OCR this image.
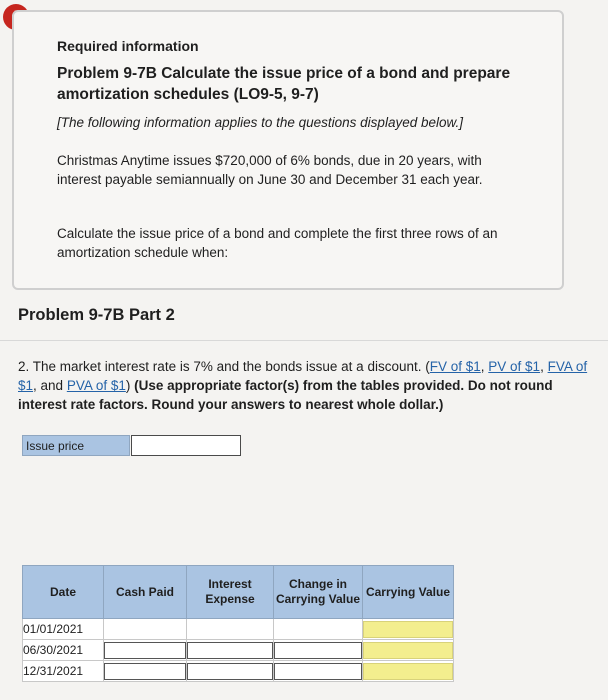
Required information
Problem 9-7B Calculate the issue price of a bond and prepare amortization schedules (LO9-5, 9-7)
[The following information applies to the questions displayed below.]
Christmas Anytime issues $720,000 of 6% bonds, due in 20 years, with interest payable semiannually on June 30 and December 31 each year.
Calculate the issue price of a bond and complete the first three rows of an amortization schedule when:
Problem 9-7B Part 2
2. The market interest rate is 7% and the bonds issue at a discount. (FV of $1, PV of $1, FVA of $1, and PVA of $1) (Use appropriate factor(s) from the tables provided. Do not round interest rate factors. Round your answers to nearest whole dollar.)
Issue price
Date	Cash Paid	Interest Expense	Change in Carrying Value	Carrying Value
01/01/2021	

06/30/2021	

12/31/2021	
